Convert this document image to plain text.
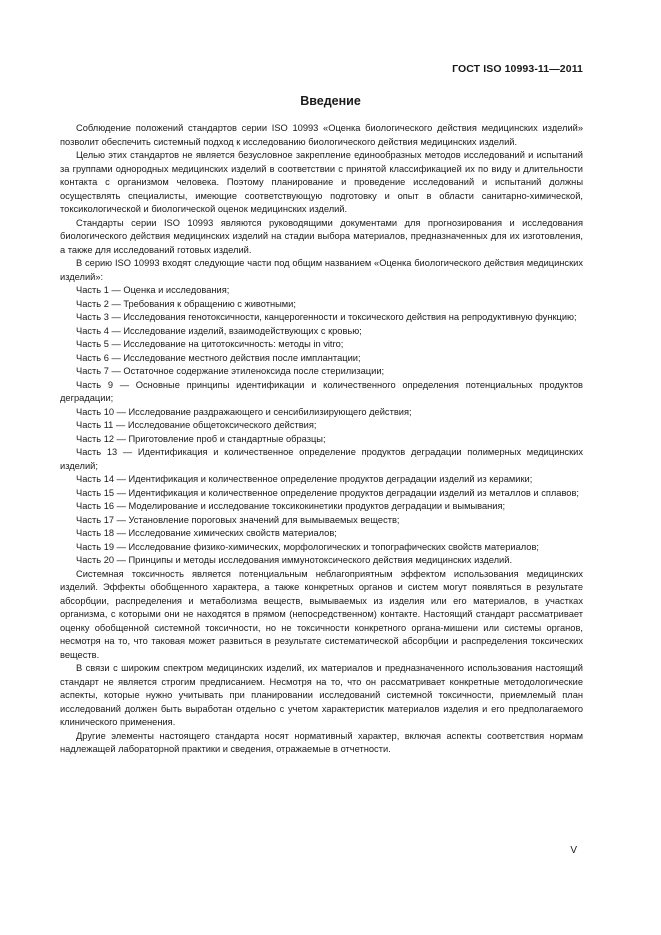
ГОСТ ISO 10993-11—2011
Введение

Соблюдение положений стандартов серии ISO 10993 «Оценка биологического действия медицинских изделий» позволит обеспечить системный подход к исследованию биологического действия медицинских изделий.

Целью этих стандартов не является безусловное закрепление единообразных методов исследований и испытаний за группами однородных медицинских изделий в соответствии с принятой классификацией их по виду и длительности контакта с организмом человека. Поэтому планирование и проведение исследований и испытаний должны осуществлять специалисты, имеющие соответствующую подготовку и опыт в области санитарно-химической, токсикологической и биологической оценок медицинских изделий.

Стандарты серии ISO 10993 являются руководящими документами для прогнозирования и исследования биологического действия медицинских изделий на стадии выбора материалов, предназначенных для их изготовления, а также для исследований готовых изделий.

В серию ISO 10993 входят следующие части под общим названием «Оценка биологического действия медицинских изделий»:

Часть 1 — Оценка и исследования;

Часть 2 — Требования к обращению с животными;

Часть 3 — Исследования генотоксичности, канцерогенности и токсического действия на репродуктивную функцию;

Часть 4 — Исследование изделий, взаимодействующих с кровью;

Часть 5 — Исследование на цитотоксичность: методы in vitro;

Часть 6 — Исследование местного действия после имплантации;

Часть 7 — Остаточное содержание этиленоксида после стерилизации;

Часть 9 — Основные принципы идентификации и количественного определения потенциальных продуктов деградации;

Часть 10 — Исследование раздражающего и сенсибилизирующего действия;

Часть 11 — Исследование общетоксического действия;

Часть 12 — Приготовление проб и стандартные образцы;

Часть 13 — Идентификация и количественное определение продуктов деградации полимерных медицинских изделий;

Часть 14 — Идентификация и количественное определение продуктов деградации изделий из керамики;

Часть 15 — Идентификация и количественное определение продуктов деградации изделий из металлов и сплавов;

Часть 16 — Моделирование и исследование токсикокинетики продуктов деградации и вымывания;

Часть 17 — Установление пороговых значений для вымываемых веществ;

Часть 18 — Исследование химических свойств материалов;

Часть 19 — Исследование физико-химических, морфологических и топографических свойств материалов;

Часть 20 — Принципы и методы исследования иммунотоксического действия медицинских изделий.

Системная токсичность является потенциальным неблагоприятным эффектом использования медицинских изделий. Эффекты обобщенного характера, а также конкретных органов и систем могут появляться в результате абсорбции, распределения и метаболизма веществ, вымываемых из изделия или его материалов, в участках организма, с которыми они не находятся в прямом (непосредственном) контакте. Настоящий стандарт рассматривает оценку обобщенной системной токсичности, но не токсичности конкретного органа-мишени или системы органов, несмотря на то, что таковая может развиться в результате систематической абсорбции и распределения токсических веществ.

В связи с широким спектром медицинских изделий, их материалов и предназначенного использования настоящий стандарт не является строгим предписанием. Несмотря на то, что он рассматривает конкретные методологические аспекты, которые нужно учитывать при планировании исследований системной токсичности, приемлемый план исследований должен быть выработан отдельно с учетом характеристик материалов изделия и его предполагаемого клинического применения.

Другие элементы настоящего стандарта носят нормативный характер, включая аспекты соответствия нормам надлежащей лабораторной практики и сведения, отражаемые в отчетности.

V
